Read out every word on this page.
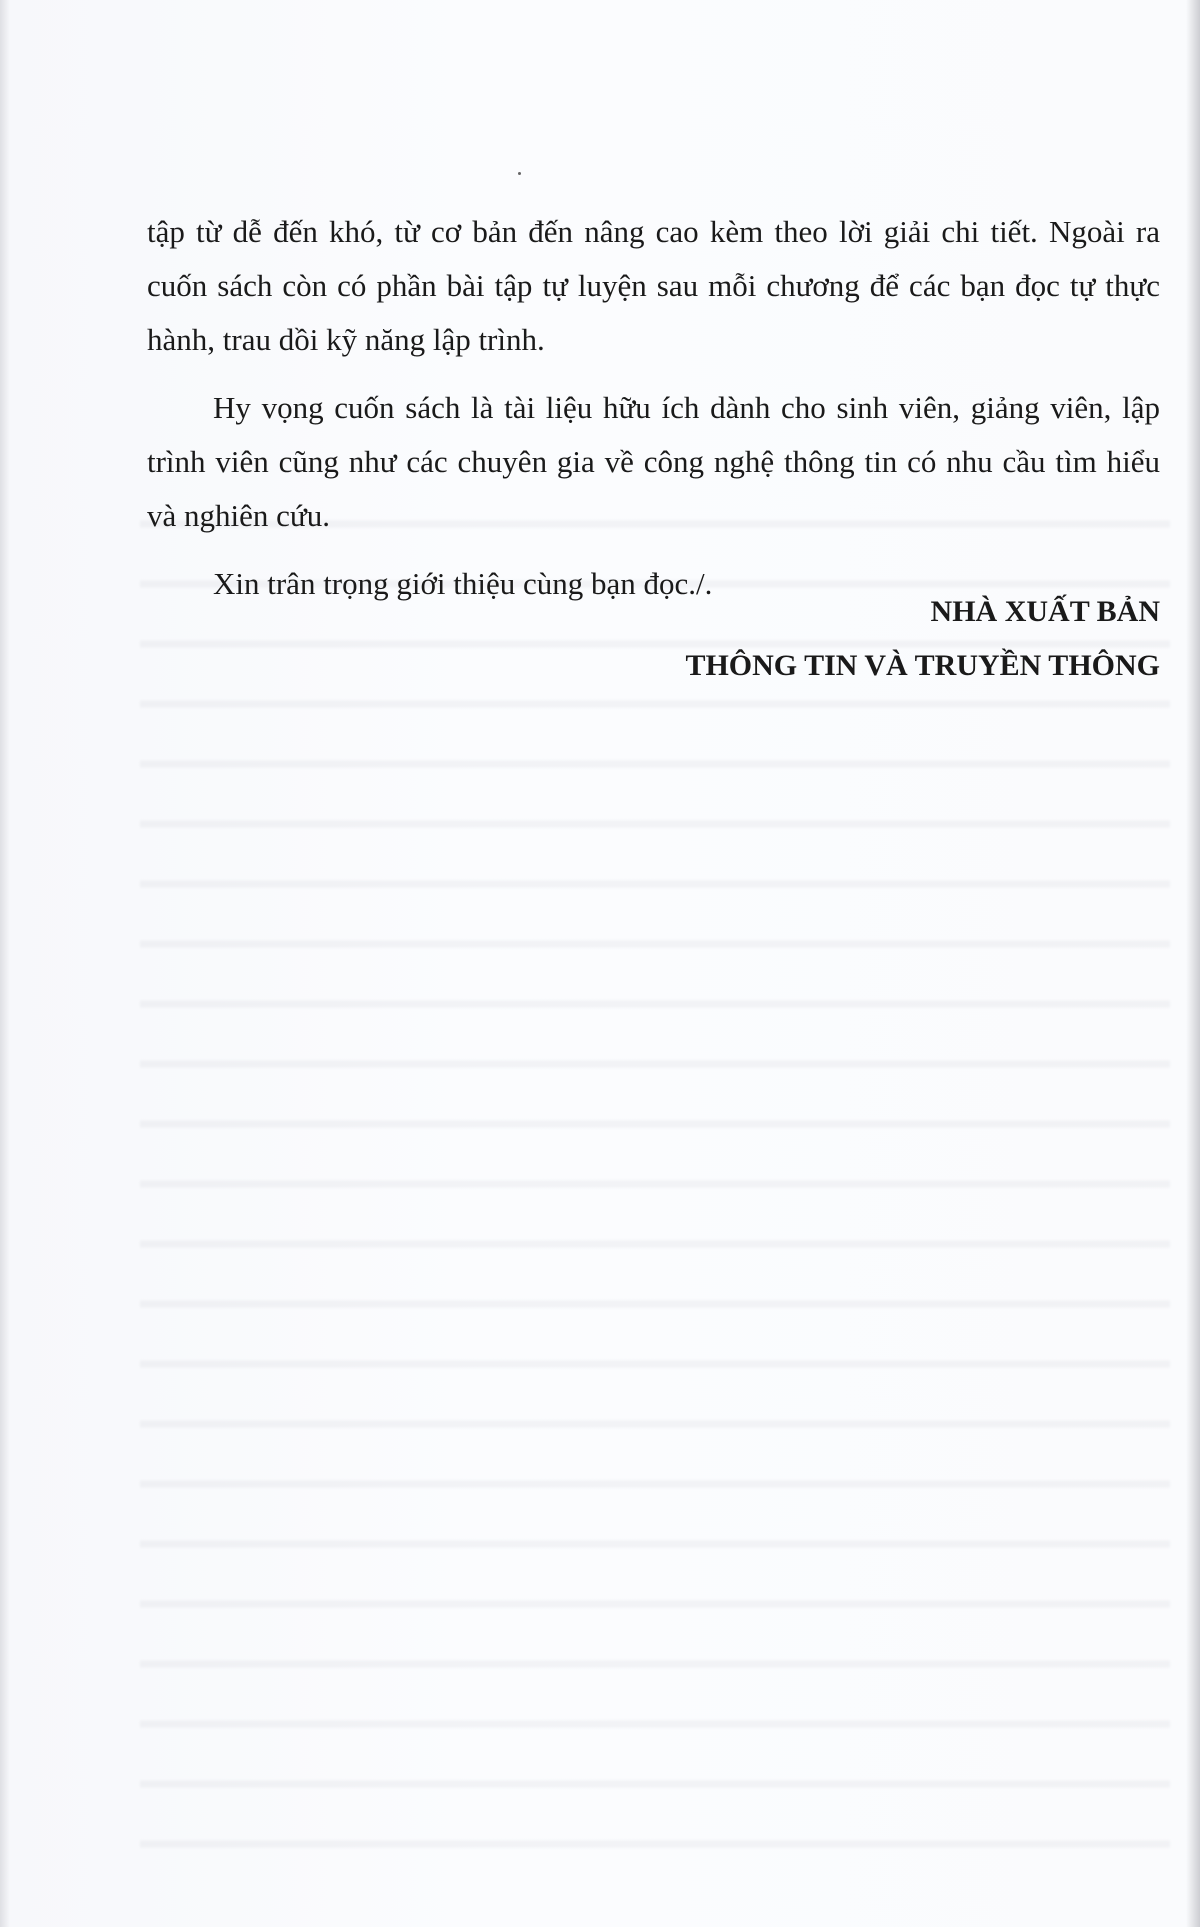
tập từ dễ đến khó, từ cơ bản đến nâng cao kèm theo lời giải chi tiết. Ngoài ra cuốn sách còn có phần bài tập tự luyện sau mỗi chương để các bạn đọc tự thực hành, trau dồi kỹ năng lập trình.

Hy vọng cuốn sách là tài liệu hữu ích dành cho sinh viên, giảng viên, lập trình viên cũng như các chuyên gia về công nghệ thông tin có nhu cầu tìm hiểu và nghiên cứu.

Xin trân trọng giới thiệu cùng bạn đọc./.

NHÀ XUẤT BẢN
THÔNG TIN VÀ TRUYỀN THÔNG
